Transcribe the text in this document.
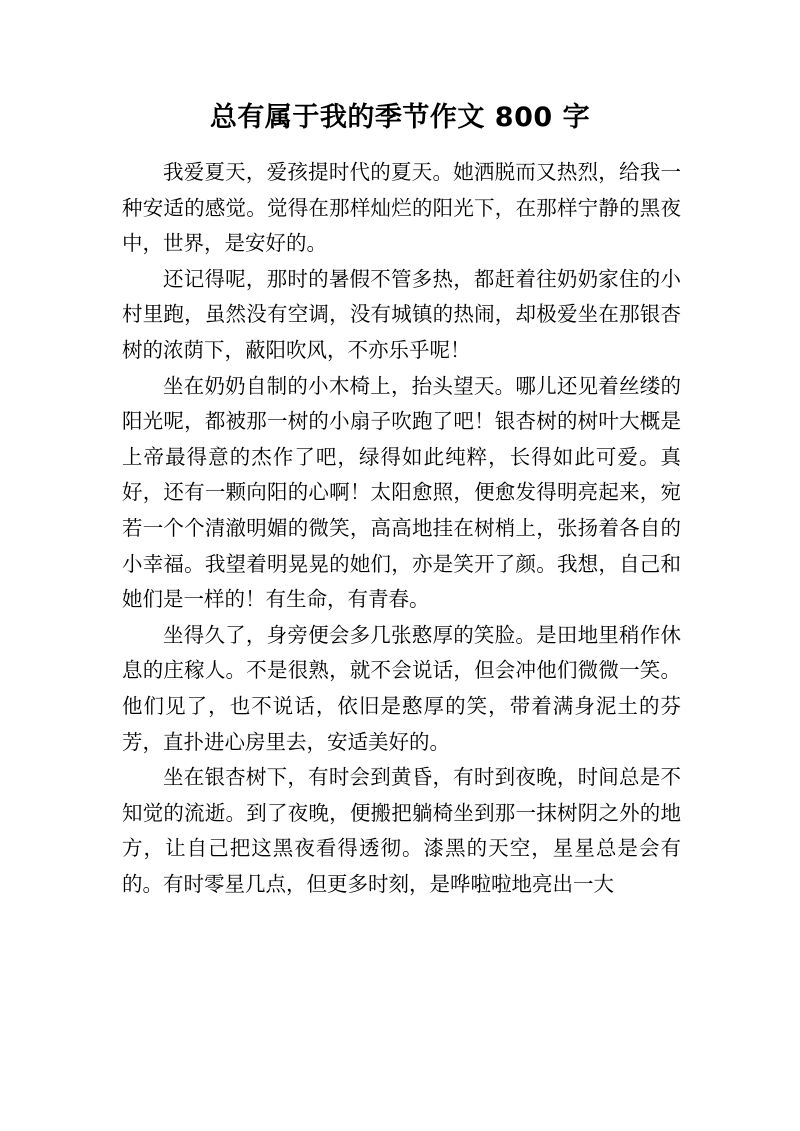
总有属于我的季节作文 800 字

我爱夏天，爱孩提时代的夏天。她洒脱而又热烈，给我一种安适的感觉。觉得在那样灿烂的阳光下，在那样宁静的黑夜中，世界，是安好的。

还记得呢，那时的暑假不管多热，都赶着往奶奶家住的小村里跑，虽然没有空调，没有城镇的热闹，却极爱坐在那银杏树的浓荫下，蔽阳吹风，不亦乐乎呢！

坐在奶奶自制的小木椅上，抬头望天。哪儿还见着丝缕的阳光呢，都被那一树的小扇子吹跑了吧！银杏树的树叶大概是上帝最得意的杰作了吧，绿得如此纯粹，长得如此可爱。真好，还有一颗向阳的心啊！太阳愈照，便愈发得明亮起来，宛若一个个清澈明媚的微笑，高高地挂在树梢上，张扬着各自的小幸福。我望着明晃晃的她们，亦是笑开了颜。我想，自己和她们是一样的！有生命，有青春。

坐得久了，身旁便会多几张憨厚的笑脸。是田地里稍作休息的庄稼人。不是很熟，就不会说话，但会冲他们微微一笑。他们见了，也不说话，依旧是憨厚的笑，带着满身泥土的芬芳，直扑进心房里去，安适美好的。

坐在银杏树下，有时会到黄昏，有时到夜晚，时间总是不知觉的流逝。到了夜晚，便搬把躺椅坐到那一抹树阴之外的地方，让自己把这黑夜看得透彻。漆黑的天空，星星总是会有的。有时零星几点，但更多时刻，是哗啦啦地亮出一大
